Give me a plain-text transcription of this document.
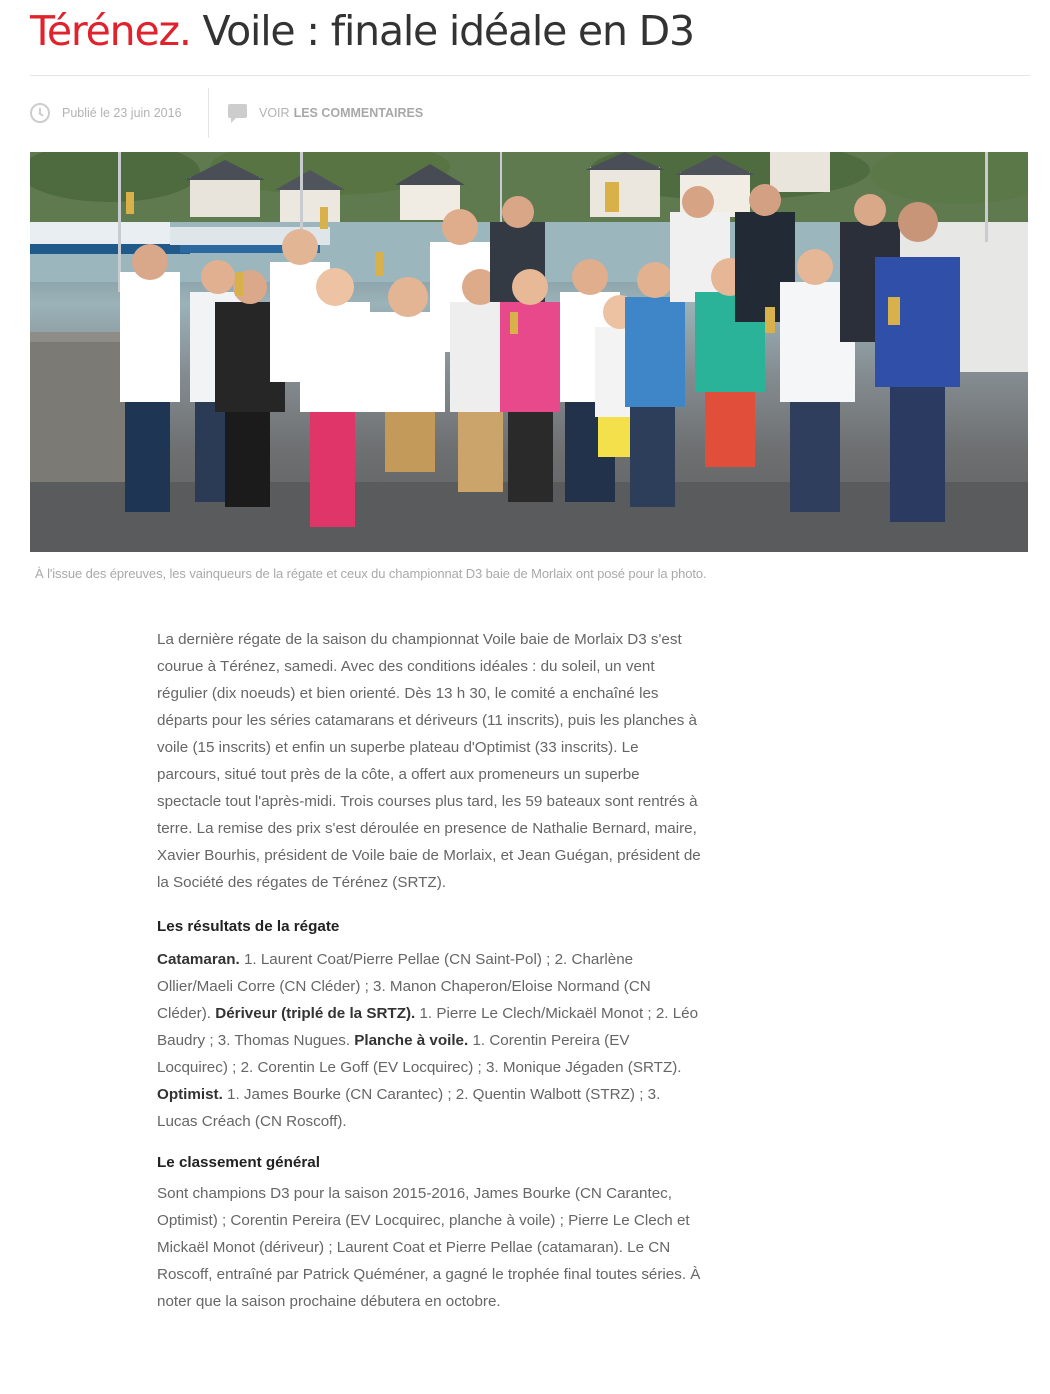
Térénez. Voile : finale idéale en D3
Publié le 23 juin 2016	VOIR LES COMMENTAIRES
À l'issue des épreuves, les vainqueurs de la régate et ceux du championnat D3 baie de Morlaix ont posé pour la photo.

La dernière régate de la saison du championnat Voile baie de Morlaix D3 s'est courue à Térénez, samedi. Avec des conditions idéales : du soleil, un vent régulier (dix noeuds) et bien orienté. Dès 13 h 30, le comité a enchaîné les départs pour les séries catamarans et dériveurs (11 inscrits), puis les planches à voile (15 inscrits) et enfin un superbe plateau d'Optimist (33 inscrits). Le parcours, situé tout près de la côte, a offert aux promeneurs un superbe spectacle tout l'après-midi. Trois courses plus tard, les 59 bateaux sont rentrés à terre. La remise des prix s'est déroulée en presence de Nathalie Bernard, maire, Xavier Bourhis, président de Voile baie de Morlaix, et Jean Guégan, président de la Société des régates de Térénez (SRTZ).

Les résultats de la régate

Catamaran. 1. Laurent Coat/Pierre Pellae (CN Saint-Pol) ; 2. Charlène Ollier/Maeli Corre (CN Cléder) ; 3. Manon Chaperon/Eloise Normand (CN Cléder). Dériveur (triplé de la SRTZ). 1. Pierre Le Clech/Mickaël Monot ; 2. Léo Baudry ; 3. Thomas Nugues. Planche à voile. 1. Corentin Pereira (EV Locquirec) ; 2. Corentin Le Goff (EV Locquirec) ; 3. Monique Jégaden (SRTZ). Optimist. 1. James Bourke (CN Carantec) ; 2. Quentin Walbott (STRZ) ; 3. Lucas Créach (CN Roscoff).

Le classement général

Sont champions D3 pour la saison 2015-2016, James Bourke (CN Carantec, Optimist) ; Corentin Pereira (EV Locquirec, planche à voile) ; Pierre Le Clech et Mickaël Monot (dériveur) ; Laurent Coat et Pierre Pellae (catamaran). Le CN Roscoff, entraîné par Patrick Quéméner, a gagné le trophée final toutes séries. À noter que la saison prochaine débutera en octobre.
